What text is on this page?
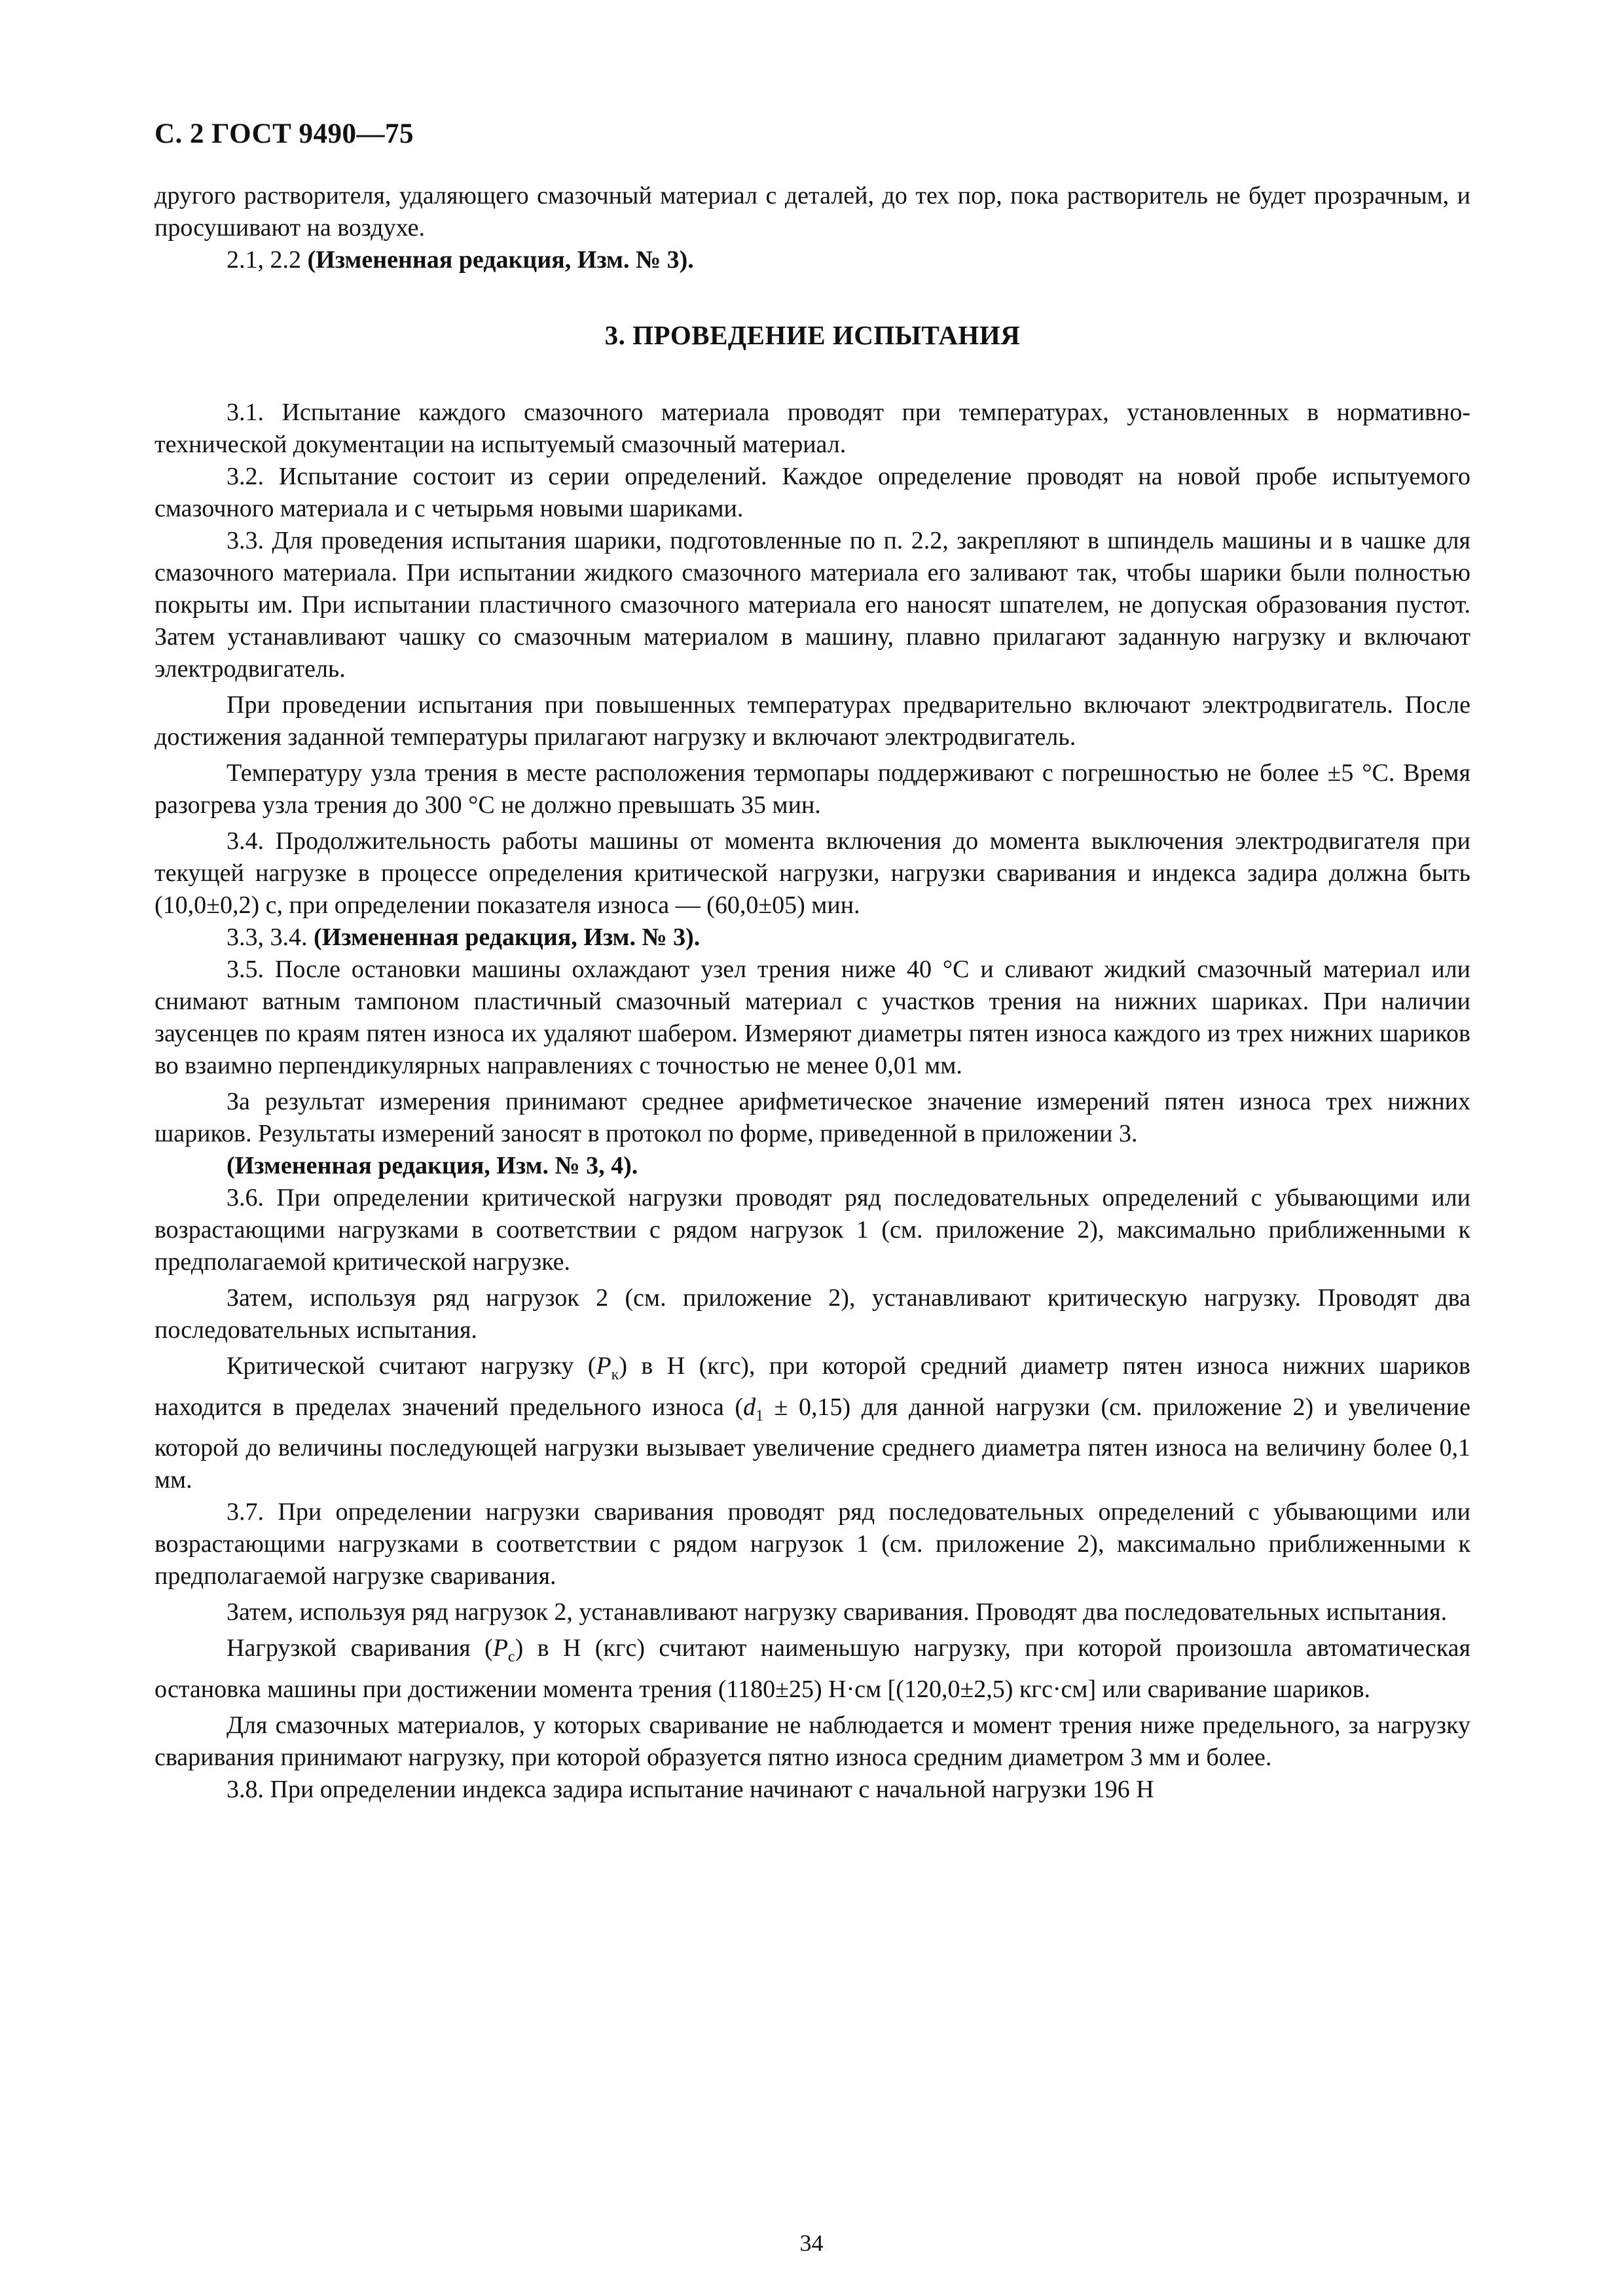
С. 2 ГОСТ 9490—75

другого растворителя, удаляющего смазочный материал с деталей, до тех пор, пока растворитель не будет прозрачным, и просушивают на воздухе.

2.1, 2.2 (Измененная редакция, Изм. № 3).

3. ПРОВЕДЕНИЕ ИСПЫТАНИЯ

3.1. Испытание каждого смазочного материала проводят при температурах, установленных в нормативно-технической документации на испытуемый смазочный материал.

3.2. Испытание состоит из серии определений. Каждое определение проводят на новой пробе испытуемого смазочного материала и с четырьмя новыми шариками.

3.3. Для проведения испытания шарики, подготовленные по п. 2.2, закрепляют в шпиндель машины и в чашке для смазочного материала. При испытании жидкого смазочного материала его заливают так, чтобы шарики были полностью покрыты им. При испытании пластичного смазочного материала его наносят шпателем, не допуская образования пустот. Затем устанавливают чашку со смазочным материалом в машину, плавно прилагают заданную нагрузку и включают электродвигатель.

При проведении испытания при повышенных температурах предварительно включают электродвигатель. После достижения заданной температуры прилагают нагрузку и включают электродвигатель.

Температуру узла трения в месте расположения термопары поддерживают с погрешностью не более ±5 °С. Время разогрева узла трения до 300 °С не должно превышать 35 мин.

3.4. Продолжительность работы машины от момента включения до момента выключения электродвигателя при текущей нагрузке в процессе определения критической нагрузки, нагрузки сваривания и индекса задира должна быть (10,0±0,2) с, при определении показателя износа — (60,0±05) мин.

3.3, 3.4. (Измененная редакция, Изм. № 3).

3.5. После остановки машины охлаждают узел трения ниже 40 °С и сливают жидкий смазочный материал или снимают ватным тампоном пластичный смазочный материал с участков трения на нижних шариках. При наличии заусенцев по краям пятен износа их удаляют шабером. Измеряют диаметры пятен износа каждого из трех нижних шариков во взаимно перпендикулярных направлениях с точностью не менее 0,01 мм.

За результат измерения принимают среднее арифметическое значение измерений пятен износа трех нижних шариков. Результаты измерений заносят в протокол по форме, приведенной в приложении 3.

(Измененная редакция, Изм. № 3, 4).

3.6. При определении критической нагрузки проводят ряд последовательных определений с убывающими или возрастающими нагрузками в соответствии с рядом нагрузок 1 (см. приложение 2), максимально приближенными к предполагаемой критической нагрузке.

Затем, используя ряд нагрузок 2 (см. приложение 2), устанавливают критическую нагрузку. Проводят два последовательных испытания.

Критической считают нагрузку $(P_к)$ в Н (кгс), при которой средний диаметр пятен износа нижних шариков находится в пределах значений предельного износа $(d_1 \pm 0,15)$ для данной нагрузки (см. приложение 2) и увеличение которой до величины последующей нагрузки вызывает увеличение среднего диаметра пятен износа на величину более 0,1 мм.

3.7. При определении нагрузки сваривания проводят ряд последовательных определений с убывающими или возрастающими нагрузками в соответствии с рядом нагрузок 1 (см. приложение 2), максимально приближенными к предполагаемой нагрузке сваривания.

Затем, используя ряд нагрузок 2, устанавливают нагрузку сваривания. Проводят два последовательных испытания.

Нагрузкой сваривания $(P_с)$ в Н (кгс) считают наименьшую нагрузку, при которой произошла автоматическая остановка машины при достижении момента трения (1180±25) Н·см [(120,0±2,5) кгс·см] или сваривание шариков.

Для смазочных материалов, у которых сваривание не наблюдается и момент трения ниже предельного, за нагрузку сваривания принимают нагрузку, при которой образуется пятно износа средним диаметром 3 мм и более.

3.8. При определении индекса задира испытание начинают с начальной нагрузки 196 Н

34
